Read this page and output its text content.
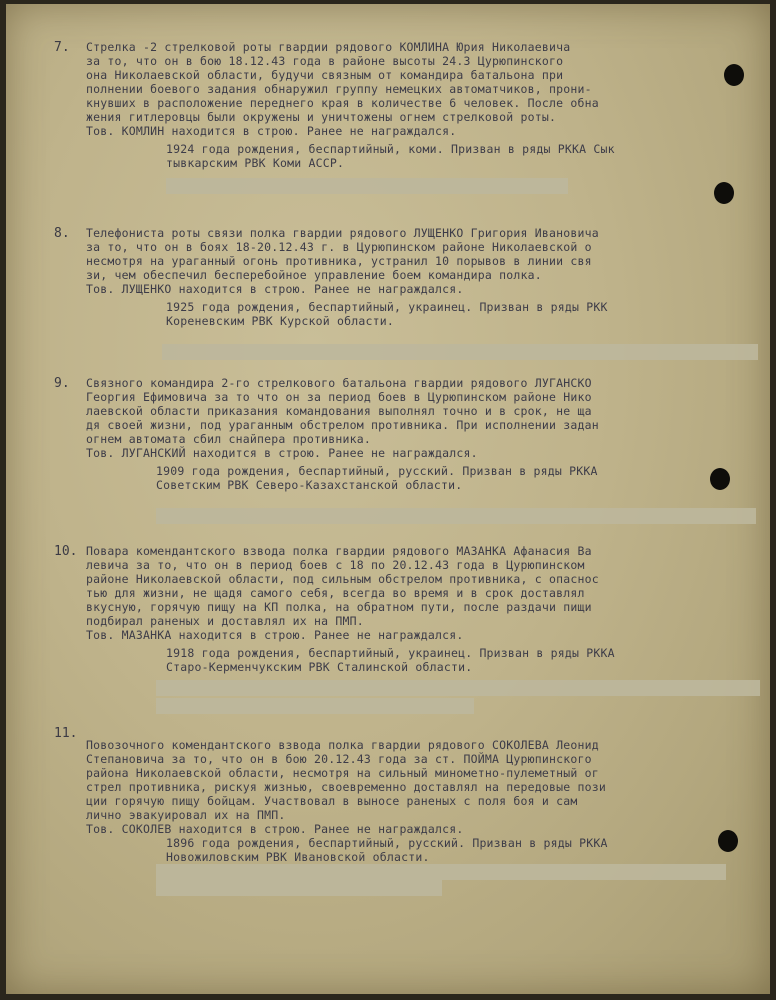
7. Стрелка -2 стрелковой роты гвардии рядового КОМЛИНА Юрия Николаевича
за то, что он в бою 18.12.43 года в районе высоты 24.3 Цурюпинского
она Николаевской области, будучи связным от командира батальона при
полнении боевого задания обнаружил группу немецких автоматчиков, прони-
кнувших в расположение переднего края в количестве 6 человек. После обна
жения гитлеровцы были окружены и уничтожены огнем стрелковой роты.
Тов. КОМЛИН находится в строю. Ранее не награждался.
1924 года рождения, беспартийный, коми. Призван в ряды РККА Сык
тывкарским РВК Коми АССР.
8. Телефониста роты связи полка гвардии рядового ЛУЩЕНКО Григория Ивановича
за то, что он в боях 18-20.12.43 г. в Цурюпинском районе Николаевской о
несмотря на ураганный огонь противника, устранил 10 порывов в линии свя
зи, чем обеспечил бесперебойное управление боем командира полка.
Тов. ЛУЩЕНКО находится в строю. Ранее не награждался.
1925 года рождения, беспартийный, украинец. Призван в ряды РКК
Кореневским РВК Курской области.
9. Связного командира 2-го стрелкового батальона гвардии рядового ЛУГАНСКО
Георгия Ефимовича за то что он за период боев в Цурюпинском районе Нико
лаевской области приказания командования выполнял точно и в срок, не ща
дя своей жизни, под ураганным обстрелом противника. При исполнении задан
огнем автомата сбил снайпера противника.
Тов. ЛУГАНСКИЙ находится в строю. Ранее не награждался.
1909 года рождения, беспартийный, русский. Призван в ряды РККА
Советским РВК Северо-Казахстанской области.
10. Повара комендантского взвода полка гвардии рядового МАЗАНКА Афанасия Ва
левича за то, что он в период боев с 18 по 20.12.43 года в Цурюпинском
районе Николаевской области, под сильным обстрелом противника, с опаснос
тью для жизни, не щадя самого себя, всегда во время и в срок доставлял
вкусную, горячую пищу на КП полка, на обратном пути, после раздачи пищи
подбирал раненых и доставлял их на ПМП.
Тов. МАЗАНКА находится в строю. Ранее не награждался.
1918 года рождения, беспартийный, украинец. Призван в ряды РККА
Старо-Керменчукским РВК Сталинской области.
11.
Повозочного комендантского взвода полка гвардии рядового СОКОЛЕВА Леонид
Степановича за то, что он в бою 20.12.43 года за ст. ПОЙМА Цурюпинского
района Николаевской области, несмотря на сильный минометно-пулеметный ог
стрел противника, рискуя жизнью, своевременно доставлял на передовые пози
ции горячую пищу бойцам. Участвовал в выносе раненых с поля боя и сам
лично эвакуировал их на ПМП.
Тов. СОКОЛЕВ находится в строю. Ранее не награждался.
1896 года рождения, беспартийный, русский. Призван в ряды РККА
Новожиловским РВК Ивановской области.
